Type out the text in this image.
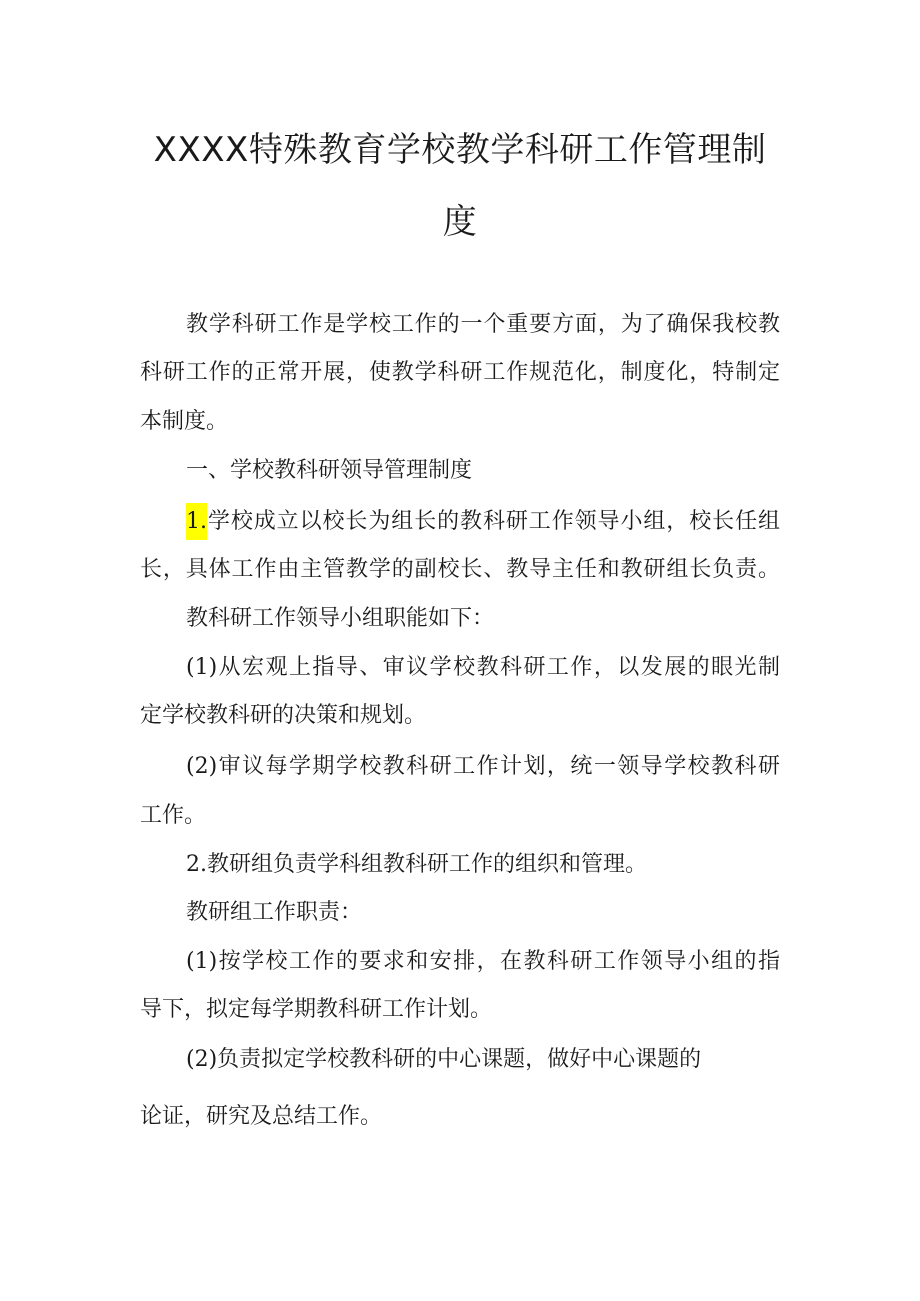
XXXX特殊教育学校教学科研工作管理制
度

教学科研工作是学校工作的一个重要方面，为了确保我校教

科研工作的正常开展，使教学科研工作规范化，制度化，特制定

本制度。

一、学校教科研领导管理制度

1.学校成立以校长为组长的教科研工作领导小组，校长任组

长，具体工作由主管教学的副校长、教导主任和教研组长负责。

教科研工作领导小组职能如下：

(1)从宏观上指导、审议学校教科研工作，以发展的眼光制

定学校教科研的决策和规划。

(2)审议每学期学校教科研工作计划，统一领导学校教科研

工作。

2.教研组负责学科组教科研工作的组织和管理。

教研组工作职责：

(1)按学校工作的要求和安排，在教科研工作领导小组的指

导下，拟定每学期教科研工作计划。

(2)负责拟定学校教科研的中心课题，做好中心课题的

论证，研究及总结工作。
